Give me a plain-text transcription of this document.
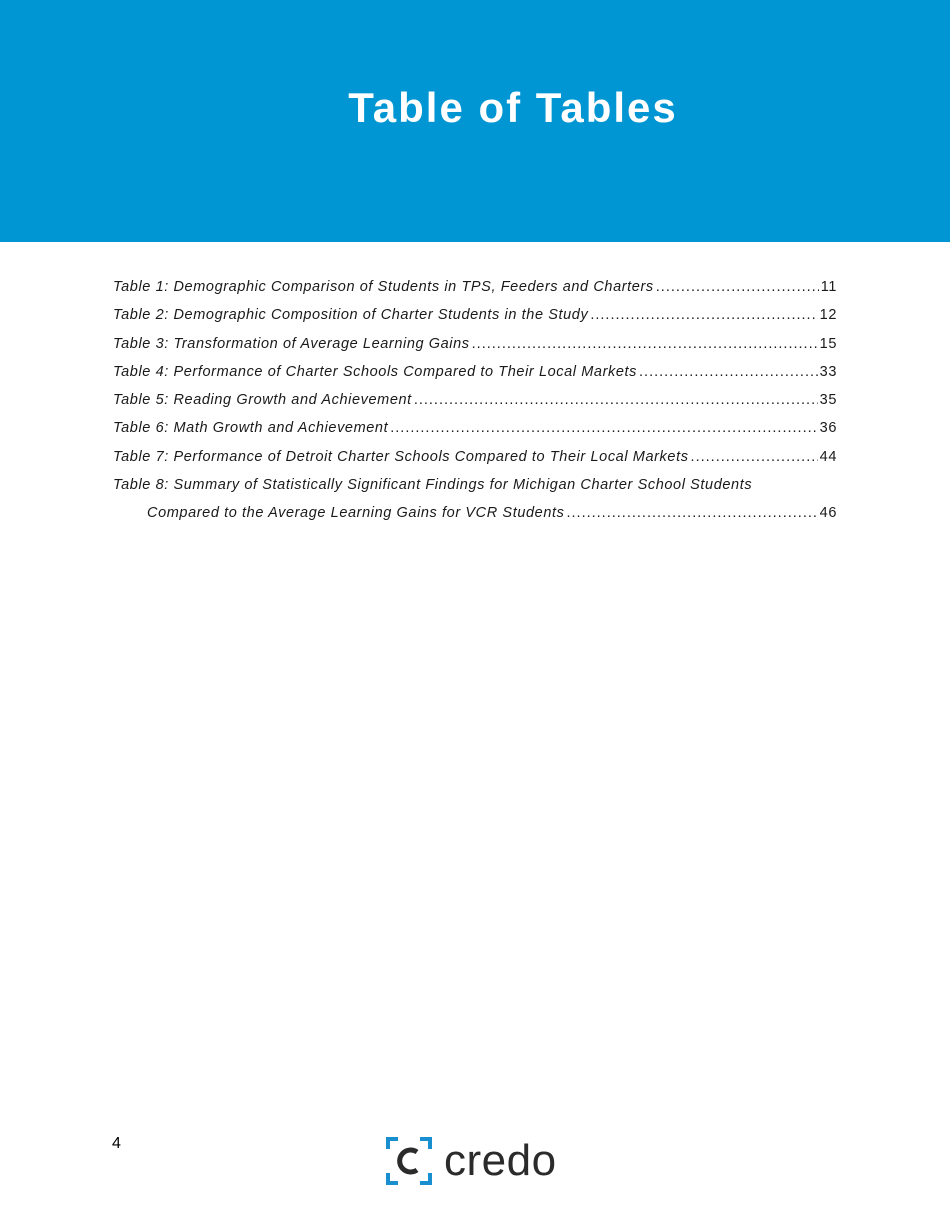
Table of Tables
Table 1: Demographic Comparison of Students in TPS, Feeders and Charters .....	11
Table 2: Demographic Composition of Charter Students in the Study .....	12
Table 3: Transformation of Average Learning Gains .....	15
Table 4: Performance of Charter Schools Compared to Their Local Markets .....	33
Table 5: Reading Growth and Achievement .....	35
Table 6: Math Growth and Achievement .....	36
Table 7: Performance of Detroit Charter Schools Compared to Their Local Markets .....	44
Table 8: Summary of Statistically Significant Findings for Michigan Charter School Students
Compared to the Average Learning Gains for VCR Students .....	46
4	credo
